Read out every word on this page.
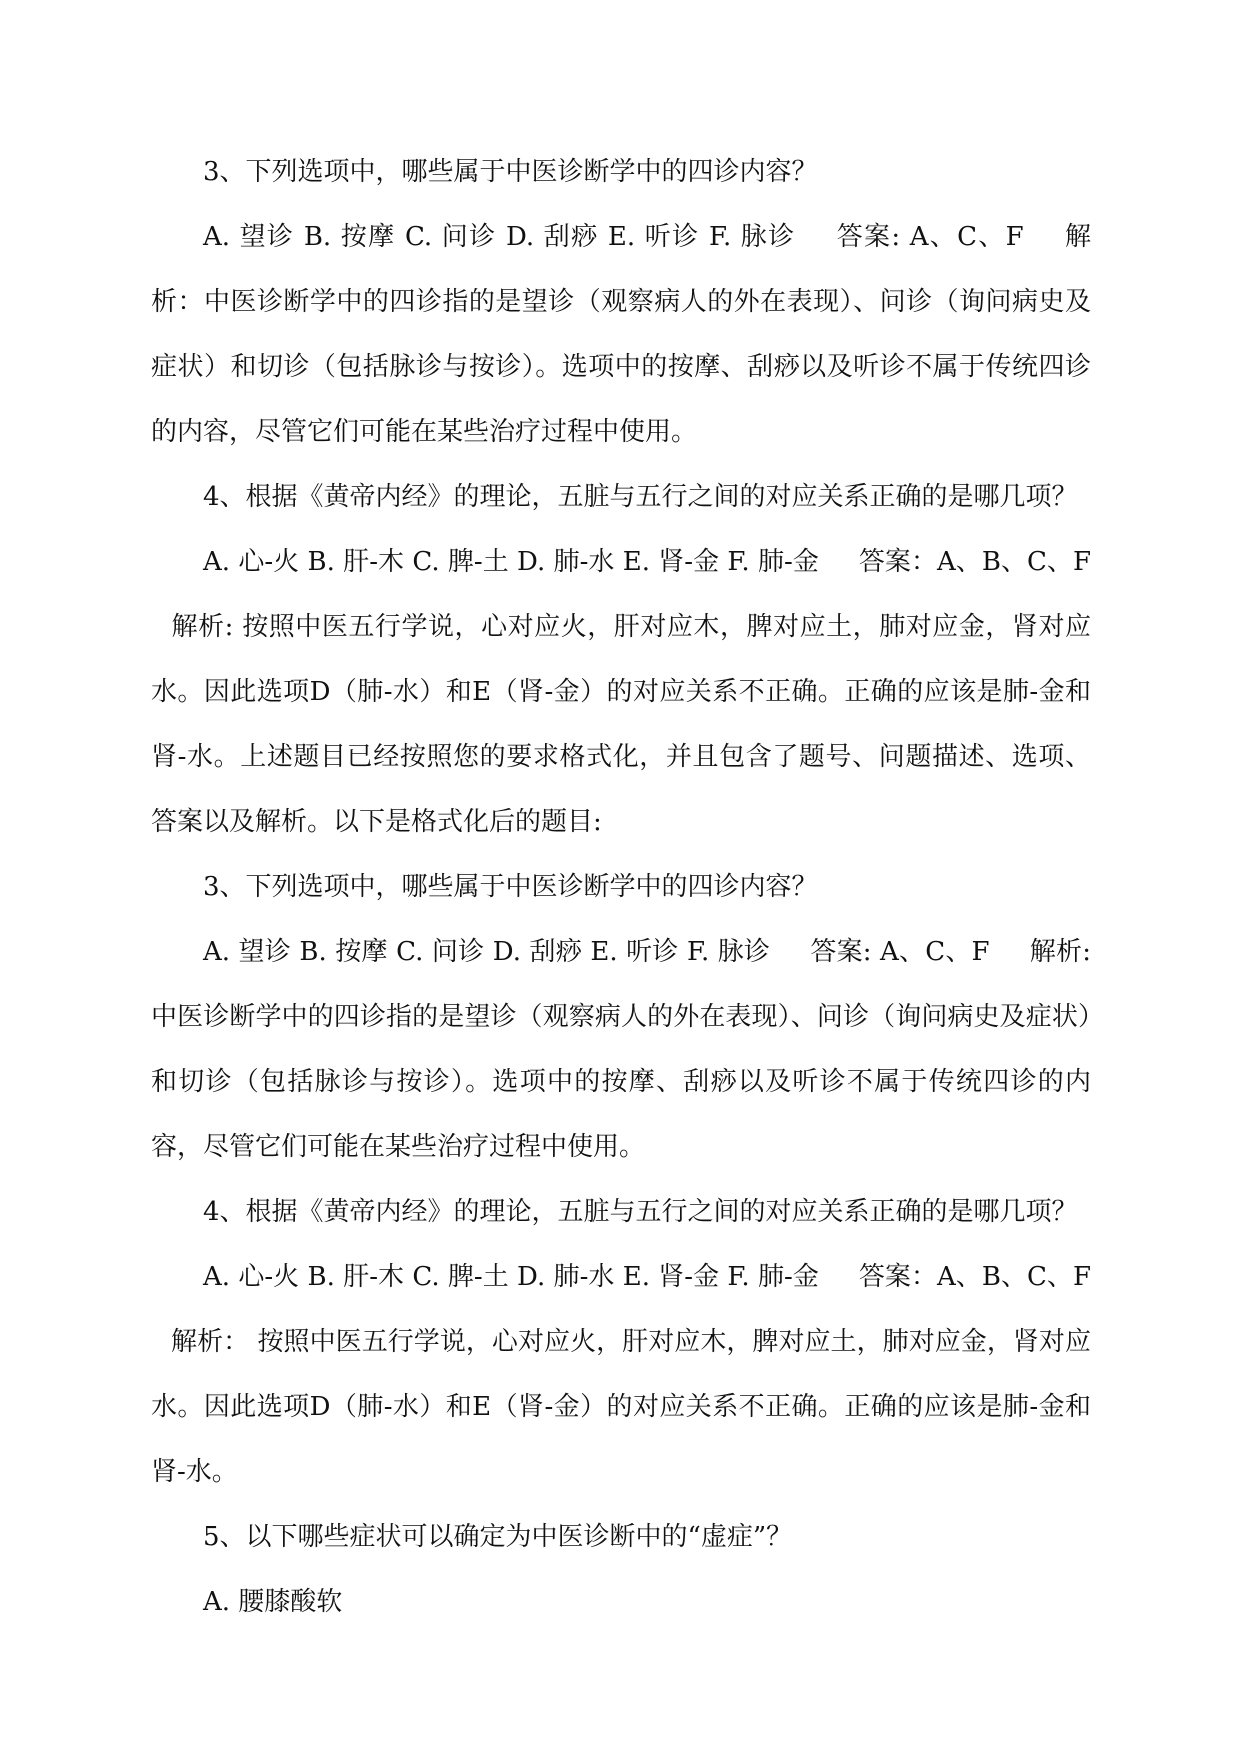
3、下列选项中，哪些属于中医诊断学中的四诊内容？

A. 望诊 B. 按摩 C. 问诊 D. 刮痧 E. 听诊 F. 脉诊 答案: A、C、F 解析：中医诊断学中的四诊指的是望诊（观察病人的外在表现）、问诊（询问病史及症状）和切诊（包括脉诊与按诊）。选项中的按摩、刮痧以及听诊不属于传统四诊的内容，尽管它们可能在某些治疗过程中使用。

4、根据《黄帝内经》的理论，五脏与五行之间的对应关系正确的是哪几项？

A. 心-火 B. 肝-木 C. 脾-土 D. 肺-水 E. 肾-金 F. 肺-金 答案：A、B、C、F解析: 按照中医五行学说，心对应火，肝对应木，脾对应土，肺对应金，肾对应水。因此选项D（肺-水）和E（肾-金）的对应关系不正确。正确的应该是肺-金和肾-水。上述题目已经按照您的要求格式化，并且包含了题号、问题描述、选项、答案以及解析。以下是格式化后的题目:

3、下列选项中，哪些属于中医诊断学中的四诊内容？

A. 望诊 B. 按摩 C. 问诊 D. 刮痧 E. 听诊 F. 脉诊 答案: A、C、F 解析: 中医诊断学中的四诊指的是望诊（观察病人的外在表现）、问诊（询问病史及症状）和切诊（包括脉诊与按诊）。选项中的按摩、刮痧以及听诊不属于传统四诊的内容，尽管它们可能在某些治疗过程中使用。

4、根据《黄帝内经》的理论，五脏与五行之间的对应关系正确的是哪几项？

A. 心-火 B. 肝-木 C. 脾-土 D. 肺-水 E. 肾-金 F. 肺-金 答案：A、B、C、F解析： 按照中医五行学说，心对应火，肝对应木，脾对应土，肺对应金，肾对应水。因此选项D（肺-水）和E（肾-金）的对应关系不正确。正确的应该是肺-金和肾-水。

5、以下哪些症状可以确定为中医诊断中的“虚症”？

A. 腰膝酸软
